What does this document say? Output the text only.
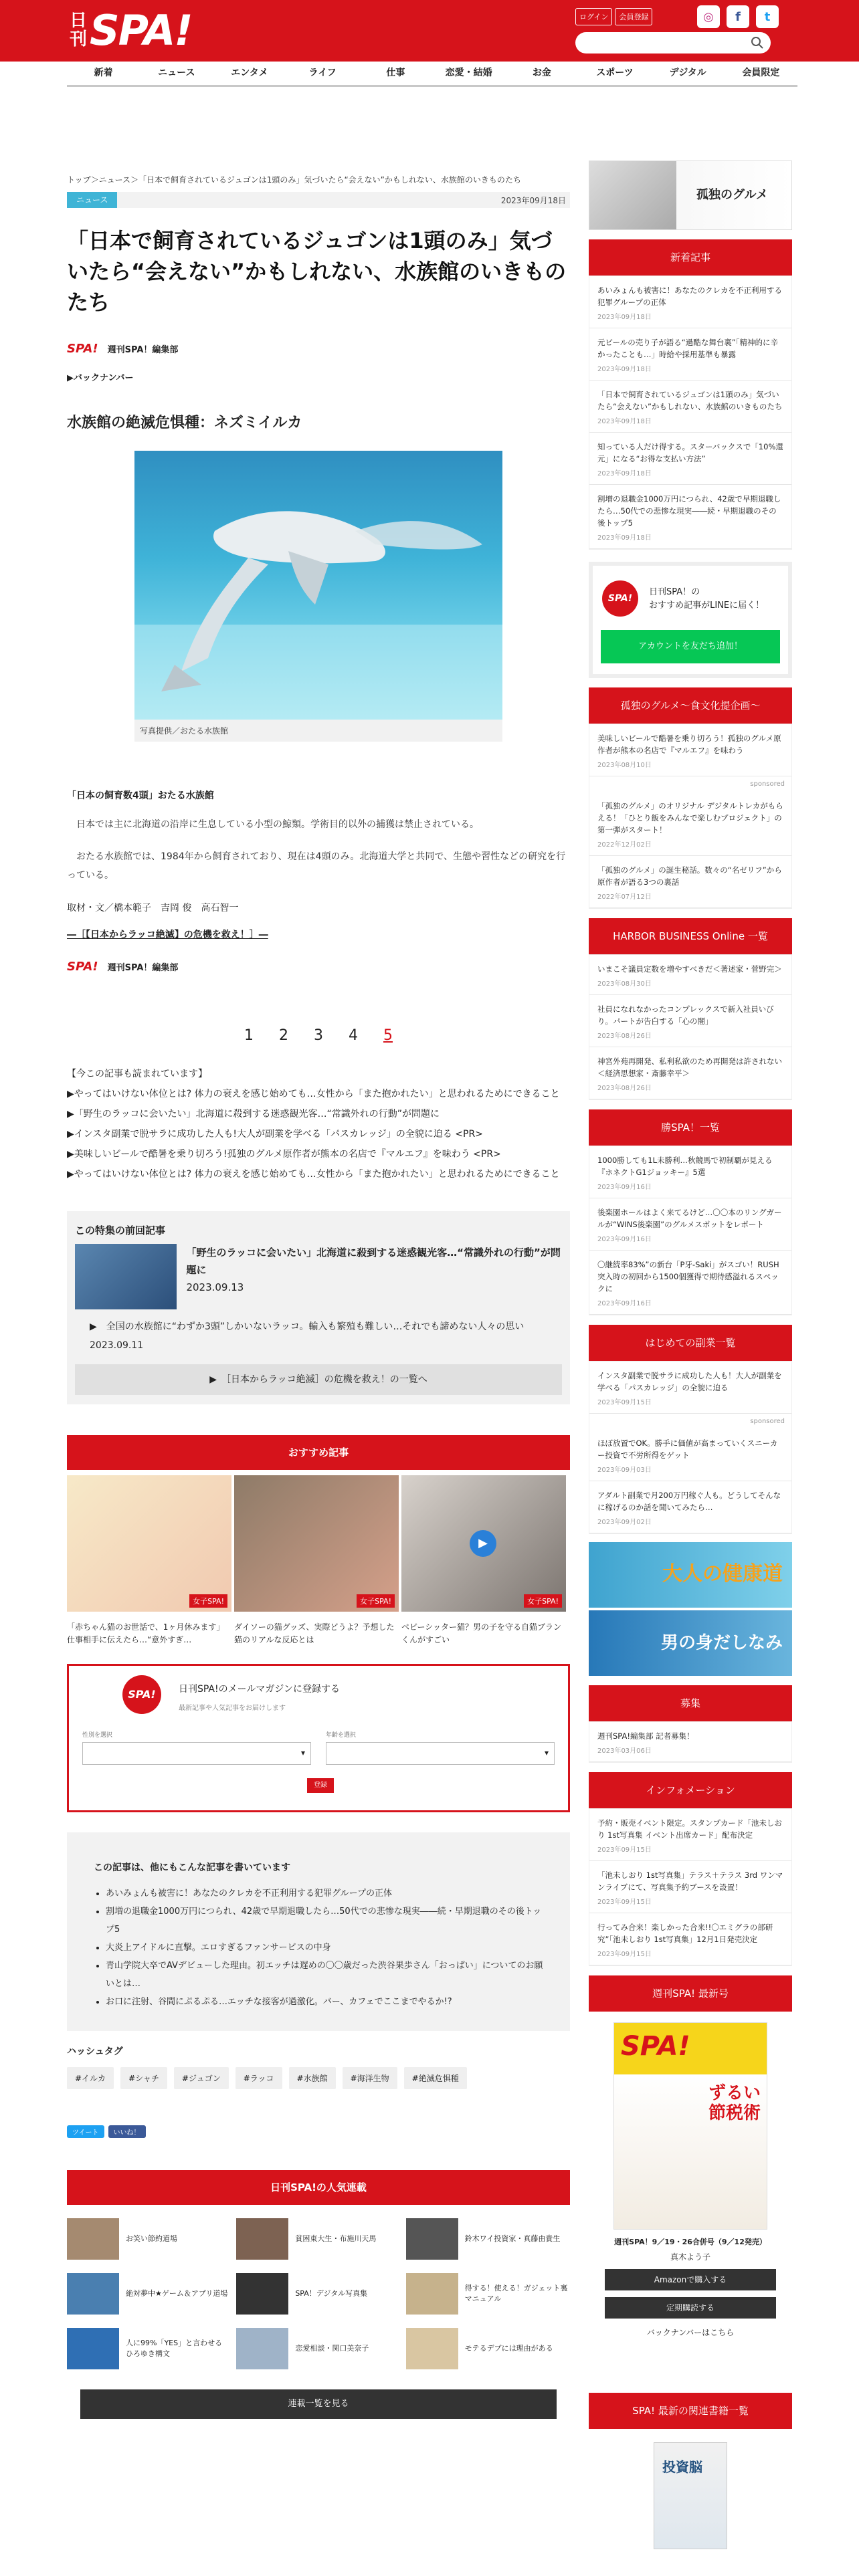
日刊 SPA!	ログイン	会員登録	◎	f	t
新着	ニュース	エンタメ	ライフ	仕事	恋愛・結婚	お金	スポーツ	デジタル	会員限定
トップ＞ニュース＞「日本で飼育されているジュゴンは1頭のみ」気づいたら“会えない”かもしれない、水族館のいきものたち
ニュース	2023年09月18日
「日本で飼育されているジュゴンは1頭のみ」気づいたら“会えない”かもしれない、水族館のいきものたち
SPA! 週刊SPA！編集部
▶バックナンバー
水族館の絶滅危惧種：ネズミイルカ
写真提供／おたる水族館
「日本の飼育数4頭」おたる水族館
　日本では主に北海道の沿岸に生息している小型の鯨類。学術目的以外の捕獲は禁止されている。
　おたる水族館では、1984年から飼育されており、現在は4頭のみ。北海道大学と共同で、生態や習性などの研究を行っている。
取材・文／橋本範子　吉岡 俊　高石智一
―［【日本からラッコ絶滅】の危機を救え！］―
SPA! 週刊SPA！編集部
1 2 3 4 5
【今この記事も読まれています】
▶やってはいけない体位とは? 体力の衰えを感じ始めても…女性から「また抱かれたい」と思われるためにできること
▶「野生のラッコに会いたい」北海道に殺到する迷惑観光客…“常識外れの行動”が問題に
▶インスタ副業で脱サラに成功した人も!大人が副業を学べる「パスカレッジ」の全貌に迫る <PR>
▶美味しいビールで酷暑を乗り切ろう!孤独のグルメ原作者が熊本の名店で『マルエフ』を味わう <PR>
▶やってはいけない体位とは? 体力の衰えを感じ始めても…女性から「また抱かれたい」と思われるためにできること
この特集の前回記事
「野生のラッコに会いたい」北海道に殺到する迷惑観光客…“常識外れの行動”が問題に
2023.09.13
▶　全国の水族館に“わずか3頭”しかいないラッコ。輸入も繁殖も難しい…それでも諦めない人々の思い　2023.09.11
▶　［日本からラッコ絶滅］の危機を救え！の一覧へ
おすすめ記事
女子SPA!
「赤ちゃん猫のお世話で、1ヶ月休みます」仕事相手に伝えたら…“意外すぎ…
女子SPA!
ダイソーの猫グッズ、実際どうよ？予想した猫のリアルな反応とは
▶
女子SPA!
ベビーシッター猫？男の子を守る自猫ブランくんがすごい
SPA!	日刊SPA!のメールマガジンに登録する
最新記事や人気記事をお届けします
性別を選択
▾
年齢を選択
▾
登録
この記事は、他にもこんな記事を書いています
• あいみょんも被害に！あなたのクレカを不正利用する犯罪グループの正体
• 割増の退職金1000万円につられ、42歳で早期退職したら…50代での悲惨な現実――続・早期退職のその後トップ5
• 大炎上アイドルに直撃。エロすぎるファンサービスの中身
• 青山学院大卒でAVデビューした理由。初エッチは遅めの〇〇歳だった渋谷果歩さん「おっぱい」についてのお願いとは…
• お口に注射、谷間にぷるぷる…エッチな接客が過激化。バー、カフェでここまでやるか!?
ハッシュタグ
#イルカ	#シャチ	#ジュゴン	#ラッコ	#水族館	#海洋生物	#絶滅危惧種
ツイート	いいね！
日刊SPA!の人気連載
お笑い節約道場	貧困東大生・布施川天馬	鈴木ワイ投資家・真藤由貴生
絶対夢中★ゲーム＆アプリ道場	SPA！デジタル写真集
得する！使える！ガジェット裏マニュアル
人に99%「YES」と言わせる　ひろゆき構文
恋愛相談・関口美奈子	モテるデブには理由がある
連載一覧を見る
孤独のグルメ
新着記事
あいみょんも被害に！あなたのクレカを不正利用する犯罪グループの正体
2023年09月18日
元ビールの売り子が語る“過酷な舞台裏”「精神的に辛かったことも…」時給や採用基準も暴露
2023年09月18日
「日本で飼育されているジュゴンは1頭のみ」気づいたら“会えない”かもしれない、水族館のいきものたち
2023年09月18日
知っている人だけ得する。スターバックスで「10%還元」になる“お得な支払い方法”
2023年09月18日
割増の退職金1000万円につられ、42歳で早期退職したら…50代での悲惨な現実――続・早期退職のその後トップ5
2023年09月18日
SPA!
日刊SPA！の
おすすめ記事がLINEに届く！
アカウントを友だち追加！
孤独のグルメ～食文化提企画～
美味しいビールで酷暑を乗り切ろう！孤独のグルメ原作者が熊本の名店で『マルエフ』を味わう
2023年08月10日
sponsored
「孤独のグルメ」のオリジナル デジタルトレカがもらえる！「ひとり飯をみんなで楽しむプロジェクト」の第一弾がスタート！
2022年12月02日
「孤独のグルメ」の誕生秘話。数々の“名ゼリフ”から原作者が語る3つの裏話
2022年07月12日
HARBOR BUSINESS Online 一覧
いまこそ議員定数を増やすべきだ＜著述家・菅野完＞
2023年08月30日
社員になれなかったコンプレックスで新入社員いびり。パートが告白する「心の闇」
2023年08月26日
神宮外苑再開発、私利私欲のため再開発は許されない＜経済思想家・斎藤幸平＞
2023年08月26日
勝SPA！一覧
1000勝しても1L未勝利…秋競馬で初制覇が見える『ホネクトG1ジョッキー』5選
2023年09月16日
後楽園ホールはよく来てるけど…〇〇本のリングガールが“WINS後楽園”のグルメスポットをレポート
2023年09月16日
〇継続率83%”の新台「P牙-Saki」がスゴい！RUSH突入時の初回から1500個獲得で期待感溢れるスペックに
2023年09月16日
はじめての副業一覧
インスタ副業で脱サラに成功した人も！大人が副業を学べる「パスカレッジ」の全貌に迫る
2023年09月15日
sponsored
ほぼ放置でOK。勝手に価値が高まっていくスニーカー投資で不労所得をゲット
2023年09月03日
アダルト副業で月200万円稼ぐ人も。どうしてそんなに稼げるのか話を聞いてみたら…
2023年09月02日
大人の健康道
男の身だしなみ
募集
週刊SPA!編集部 記者募集！
2023年03月06日
インフォメーション
予約・販売イベント限定。スタンプカード「池未しおり 1st写真集 イベント出席カード」配布決定
2023年09月15日
「池未しおり 1st写真集」テラス＋テラス 3rd ワンマンライブにて、写真集予約ブースを設置！
2023年09月15日
行ってみ合来！楽しかった合来!!〇エミグラの部研究”「池未しおり 1st写真集」12月1日発売決定
2023年09月15日
週刊SPA! 最新号
SPA!
ずるい節税術
週刊SPA！9／19・26合併号（9／12発売）
真木よう子
Amazonで購入する
定期購読する
バックナンバーはこちら
SPA! 最新の関連書籍一覧
投資脳
